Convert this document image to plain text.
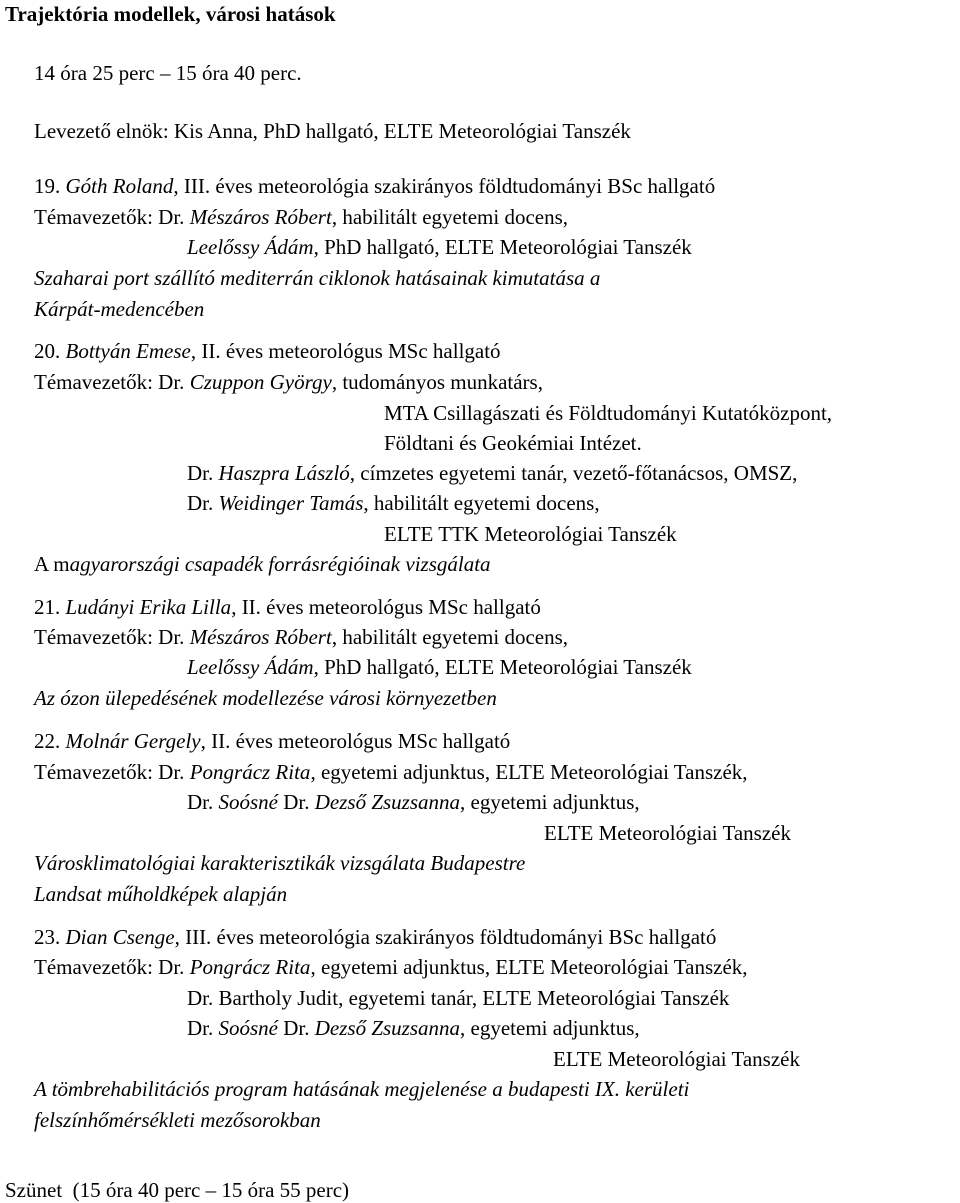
Trajektória modellek, városi hatások
14 óra 25 perc – 15 óra 40 perc.
Levezető elnök: Kis Anna, PhD hallgató, ELTE Meteorológiai Tanszék
19. Góth Roland, III. éves meteorológia szakirányos földtudományi BSc hallgató
Témavezetők: Dr. Mészáros Róbert, habilitált egyetemi docens,
Leelőssy Ádám, PhD hallgató, ELTE Meteorológiai Tanszék
Szaharai port szállító mediterrán ciklonok hatásainak kimutatása a
Kárpát-medencében
20. Bottyán Emese, II. éves meteorológus MSc hallgató
Témavezetők: Dr. Czuppon György, tudományos munkatárs,
MTA Csillagászati és Földtudományi Kutatóközpont,
Földtani és Geokémiai Intézet.
Dr. Haszpra László, címzetes egyetemi tanár, vezető-főtanácsos, OMSZ,
Dr. Weidinger Tamás, habilitált egyetemi docens,
ELTE TTK Meteorológiai Tanszék
A magyarországi csapadék forrásrégióinak vizsgálata
21. Ludányi Erika Lilla, II. éves meteorológus MSc hallgató
Témavezetők: Dr. Mészáros Róbert, habilitált egyetemi docens,
Leelőssy Ádám, PhD hallgató, ELTE Meteorológiai Tanszék
Az ózon ülepedésének modellezése városi környezetben
22. Molnár Gergely, II. éves meteorológus MSc hallgató
Témavezetők: Dr. Pongrácz Rita, egyetemi adjunktus, ELTE Meteorológiai Tanszék,
Dr. Soósné Dr. Dezső Zsuzsanna, egyetemi adjunktus,
ELTE Meteorológiai Tanszék
Városklimatológiai karakterisztikák vizsgálata Budapestre
Landsat műholdképek alapján
23. Dian Csenge, III. éves meteorológia szakirányos földtudományi BSc hallgató
Témavezetők: Dr. Pongrácz Rita, egyetemi adjunktus, ELTE Meteorológiai Tanszék,
Dr. Bartholy Judit, egyetemi tanár, ELTE Meteorológiai Tanszék
Dr. Soósné Dr. Dezső Zsuzsanna, egyetemi adjunktus,
ELTE Meteorológiai Tanszék
A tömbrehabilitációs program hatásának megjelenése a budapesti IX. kerületi
felszínhőmérsékleti mezősorokban
Szünet  (15 óra 40 perc – 15 óra 55 perc)
